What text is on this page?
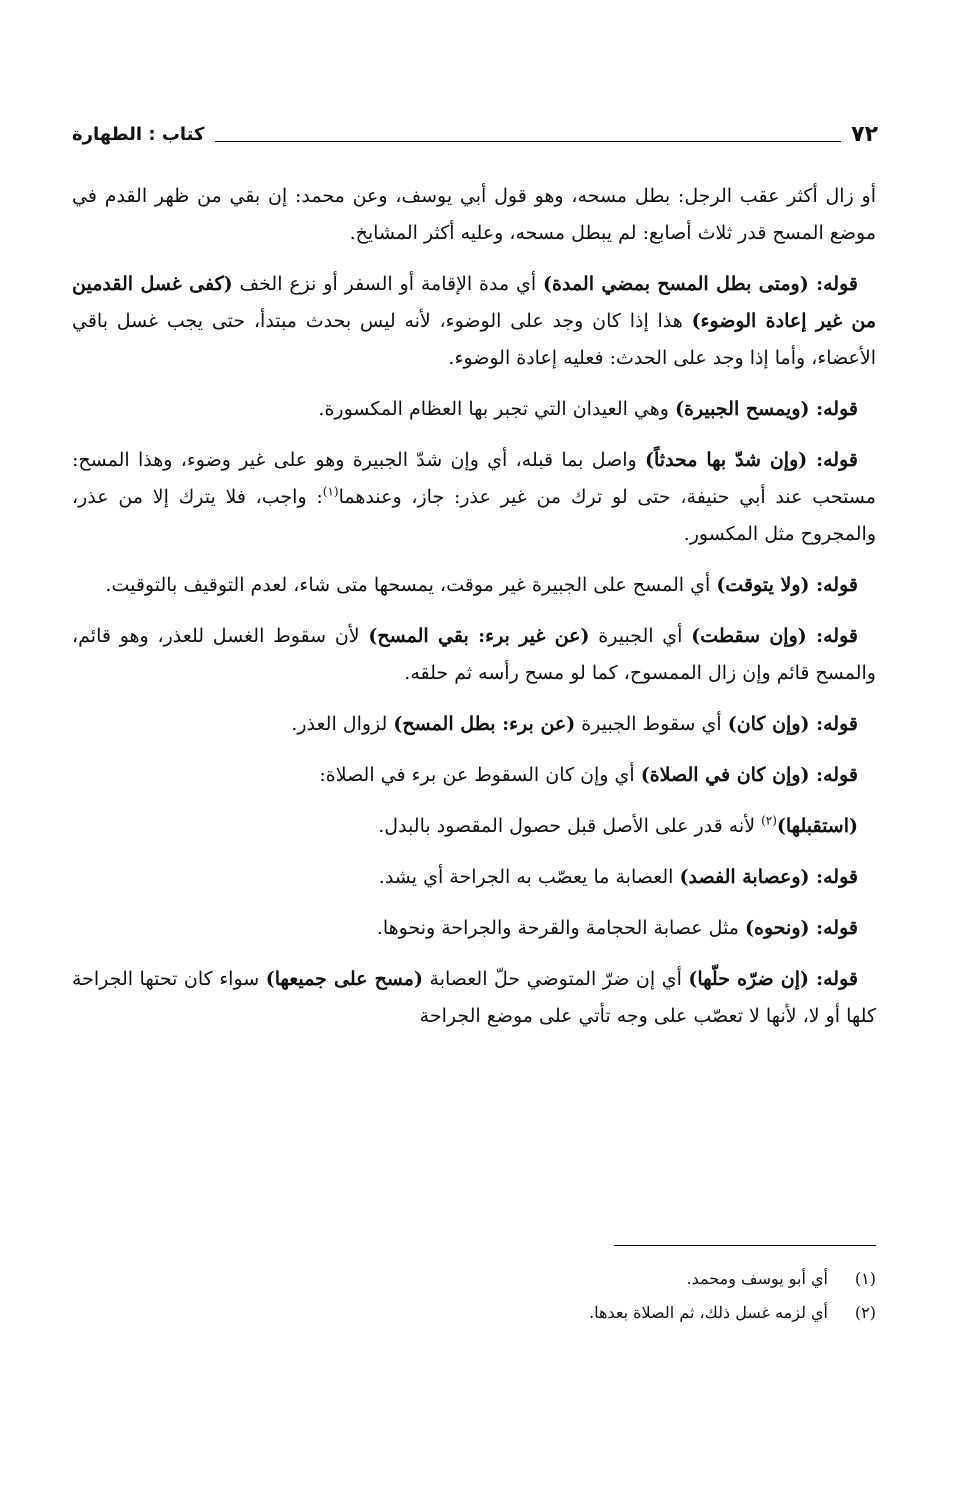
٧٢
كتاب : الطهارة

أو زال أكثر عقب الرجل: بطل مسحه، وهو قول أبي يوسف، وعن محمد: إن بقي من ظهر القدم في موضع المسح قدر ثلاث أصابع: لم يبطل مسحه، وعليه أكثر المشايخ.

قوله: (ومتى بطل المسح بمضي المدة) أي مدة الإقامة أو السفر أو نزع الخف (كفى غسل القدمين من غير إعادة الوضوء) هذا إذا كان وجد على الوضوء، لأنه ليس بحدث مبتدأ، حتى يجب غسل باقي الأعضاء، وأما إذا وجد على الحدث: فعليه إعادة الوضوء.

قوله: (ويمسح الجبيرة) وهي العيدان التي تجبر بها العظام المكسورة.

قوله: (وإن شدّ بها محدثاً) واصل بما قبله، أي وإن شدّ الجبيرة وهو على غير وضوء، وهذا المسح: مستحب عند أبي حنيفة، حتى لو ترك من غير عذر: جاز، وعندهما$^{(١)}$: واجب، فلا يترك إلا من عذر، والمجروح مثل المكسور.

قوله: (ولا يتوقت) أي المسح على الجبيرة غير موقت، يمسحها متى شاء، لعدم التوقيف بالتوقيت.

قوله: (وإن سقطت) أي الجبيرة (عن غير برء: بقي المسح) لأن سقوط الغسل للعذر، وهو قائم، والمسح قائم وإن زال الممسوح، كما لو مسح رأسه ثم حلقه.

قوله: (وإن كان) أي سقوط الجبيرة (عن برء: بطل المسح) لزوال العذر.

قوله: (وإن كان في الصلاة) أي وإن كان السقوط عن برء في الصلاة:

(استقبلها)$^{(٢)}$ لأنه قدر على الأصل قبل حصول المقصود بالبدل.

قوله: (وعصابة الفصد) العصابة ما يعصّب به الجراحة أي يشد.

قوله: (ونحوه) مثل عصابة الحجامة والقرحة والجراحة ونحوها.

قوله: (إن ضرّه حلّها) أي إن ضرّ المتوضي حلّ العصابة (مسح على جميعها) سواء كان تحتها الجراحة كلها أو لا، لأنها لا تعصّب على وجه تأتي على موضع الجراحة

(١)
أي أبو يوسف ومحمد.
(٢)
أي لزمه غسل ذلك، ثم الصلاة بعدها.
